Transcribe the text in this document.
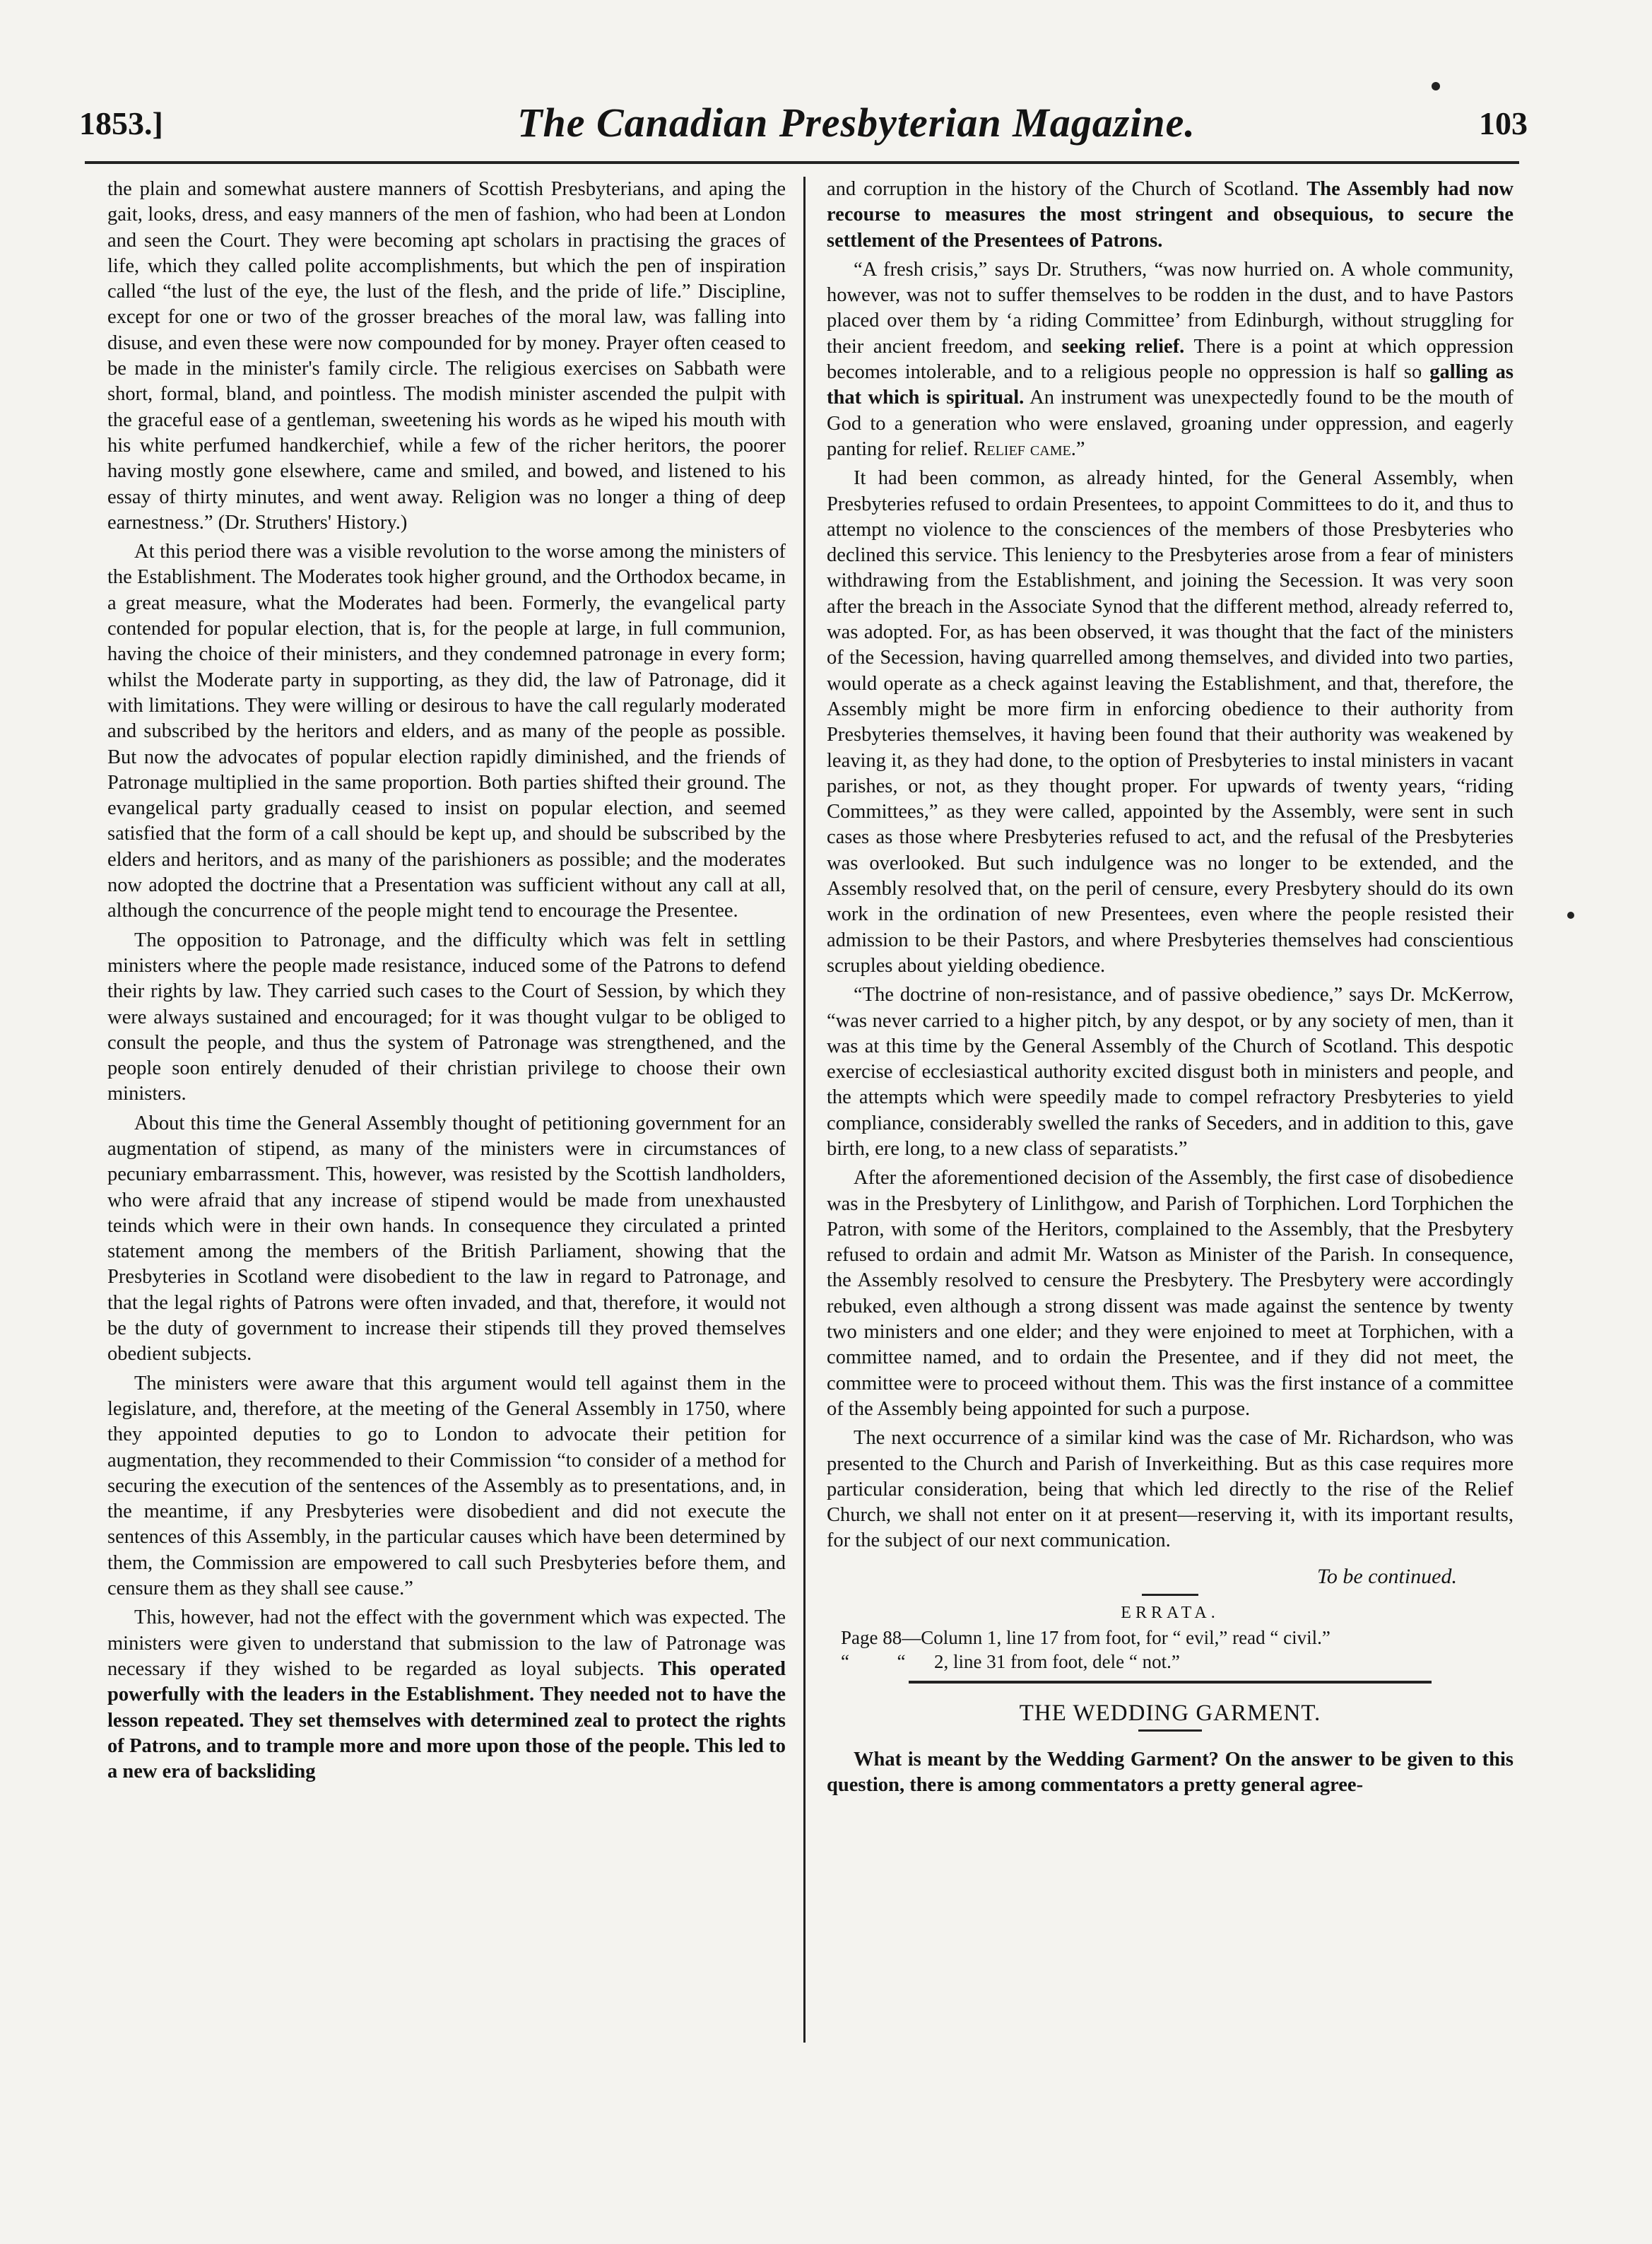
1853.]	The Canadian Presbyterian Magazine.	103

the plain and somewhat austere manners of Scottish Presbyterians, and aping the gait, looks, dress, and easy manners of the men of fashion, who had been at London and seen the Court. They were becoming apt scholars in practising the graces of life, which they called polite accomplishments, but which the pen of inspiration called “the lust of the eye, the lust of the flesh, and the pride of life.” Discipline, except for one or two of the grosser breaches of the moral law, was falling into disuse, and even these were now compounded for by money. Prayer often ceased to be made in the minister's family circle. The religious exercises on Sabbath were short, formal, bland, and pointless. The modish minister ascended the pulpit with the graceful ease of a gentleman, sweetening his words as he wiped his mouth with his white perfumed handkerchief, while a few of the richer heritors, the poorer having mostly gone elsewhere, came and smiled, and bowed, and listened to his essay of thirty minutes, and went away. Religion was no longer a thing of deep earnestness.” (Dr. Struthers' History.)

At this period there was a visible revolution to the worse among the ministers of the Establishment. The Moderates took higher ground, and the Orthodox became, in a great measure, what the Moderates had been. Formerly, the evangelical party contended for popular election, that is, for the people at large, in full communion, having the choice of their ministers, and they condemned patronage in every form; whilst the Moderate party in supporting, as they did, the law of Patronage, did it with limitations. They were willing or desirous to have the call regularly moderated and subscribed by the heritors and elders, and as many of the people as possible. But now the advocates of popular election rapidly diminished, and the friends of Patronage multiplied in the same proportion. Both parties shifted their ground. The evangelical party gradually ceased to insist on popular election, and seemed satisfied that the form of a call should be kept up, and should be subscribed by the elders and heritors, and as many of the parishioners as possible; and the moderates now adopted the doctrine that a Presentation was sufficient without any call at all, although the concurrence of the people might tend to encourage the Presentee.

The opposition to Patronage, and the difficulty which was felt in settling ministers where the people made resistance, induced some of the Patrons to defend their rights by law. They carried such cases to the Court of Session, by which they were always sustained and encouraged; for it was thought vulgar to be obliged to consult the people, and thus the system of Patronage was strengthened, and the people soon entirely denuded of their christian privilege to choose their own ministers.

About this time the General Assembly thought of petitioning government for an augmentation of stipend, as many of the ministers were in circumstances of pecuniary embarrassment. This, however, was resisted by the Scottish landholders, who were afraid that any increase of stipend would be made from unexhausted teinds which were in their own hands. In consequence they circulated a printed statement among the members of the British Parliament, showing that the Presbyteries in Scotland were disobedient to the law in regard to Patronage, and that the legal rights of Patrons were often invaded, and that, therefore, it would not be the duty of government to increase their stipends till they proved themselves obedient subjects.

The ministers were aware that this argument would tell against them in the legislature, and, therefore, at the meeting of the General Assembly in 1750, where they appointed deputies to go to London to advocate their petition for augmentation, they recommended to their Commission “to consider of a method for securing the execution of the sentences of the Assembly as to presentations, and, in the meantime, if any Presbyteries were disobedient and did not execute the sentences of this Assembly, in the particular causes which have been determined by them, the Commission are empowered to call such Presbyteries before them, and censure them as they shall see cause.”

This, however, had not the effect with the government which was expected. The ministers were given to understand that submission to the law of Patronage was necessary if they wished to be regarded as loyal subjects. This operated powerfully with the leaders in the Establishment. They needed not to have the lesson repeated. They set themselves with determined zeal to protect the rights of Patrons, and to trample more and more upon those of the people. This led to a new era of backsliding

and corruption in the history of the Church of Scotland. The Assembly had now recourse to measures the most stringent and obsequious, to secure the settlement of the Presentees of Patrons.

“A fresh crisis,” says Dr. Struthers, “was now hurried on. A whole community, however, was not to suffer themselves to be rodden in the dust, and to have Pastors placed over them by ‘a riding Committee’ from Edinburgh, without struggling for their ancient freedom, and seeking relief. There is a point at which oppression becomes intolerable, and to a religious people no oppression is half so galling as that which is spiritual. An instrument was unexpectedly found to be the mouth of God to a generation who were enslaved, groaning under oppression, and eagerly panting for relief. Relief came.”

It had been common, as already hinted, for the General Assembly, when Presbyteries refused to ordain Presentees, to appoint Committees to do it, and thus to attempt no violence to the consciences of the members of those Presbyteries who declined this service. This leniency to the Presbyteries arose from a fear of ministers withdrawing from the Establishment, and joining the Secession. It was very soon after the breach in the Associate Synod that the different method, already referred to, was adopted. For, as has been observed, it was thought that the fact of the ministers of the Secession, having quarrelled among themselves, and divided into two parties, would operate as a check against leaving the Establishment, and that, therefore, the Assembly might be more firm in enforcing obedience to their authority from Presbyteries themselves, it having been found that their authority was weakened by leaving it, as they had done, to the option of Presbyteries to instal ministers in vacant parishes, or not, as they thought proper. For upwards of twenty years, “riding Committees,” as they were called, appointed by the Assembly, were sent in such cases as those where Presbyteries refused to act, and the refusal of the Presbyteries was overlooked. But such indulgence was no longer to be extended, and the Assembly resolved that, on the peril of censure, every Presbytery should do its own work in the ordination of new Presentees, even where the people resisted their admission to be their Pastors, and where Presbyteries themselves had conscientious scruples about yielding obedience.

“The doctrine of non-resistance, and of passive obedience,” says Dr. McKerrow, “was never carried to a higher pitch, by any despot, or by any society of men, than it was at this time by the General Assembly of the Church of Scotland. This despotic exercise of ecclesiastical authority excited disgust both in ministers and people, and the attempts which were speedily made to compel refractory Presbyteries to yield compliance, considerably swelled the ranks of Seceders, and in addition to this, gave birth, ere long, to a new class of separatists.”

After the aforementioned decision of the Assembly, the first case of disobedience was in the Presbytery of Linlithgow, and Parish of Torphichen. Lord Torphichen the Patron, with some of the Heritors, complained to the Assembly, that the Presbytery refused to ordain and admit Mr. Watson as Minister of the Parish. In consequence, the Assembly resolved to censure the Presbytery. The Presbytery were accordingly rebuked, even although a strong dissent was made against the sentence by twenty two ministers and one elder; and they were enjoined to meet at Torphichen, with a committee named, and to ordain the Presentee, and if they did not meet, the committee were to proceed without them. This was the first instance of a committee of the Assembly being appointed for such a purpose.

The next occurrence of a similar kind was the case of Mr. Richardson, who was presented to the Church and Parish of Inverkeithing. But as this case requires more particular consideration, being that which led directly to the rise of the Relief Church, we shall not enter on it at present—reserving it, with its important results, for the subject of our next communication.

To be continued.
ERRATA.
Page 88—Column 1, line 17 from foot, for “ evil,” read “ civil.”
“          “      2, line 31 from foot, dele “ not.”
THE WEDDING GARMENT.

What is meant by the Wedding Garment? On the answer to be given to this question, there is among commentators a pretty general agree-
